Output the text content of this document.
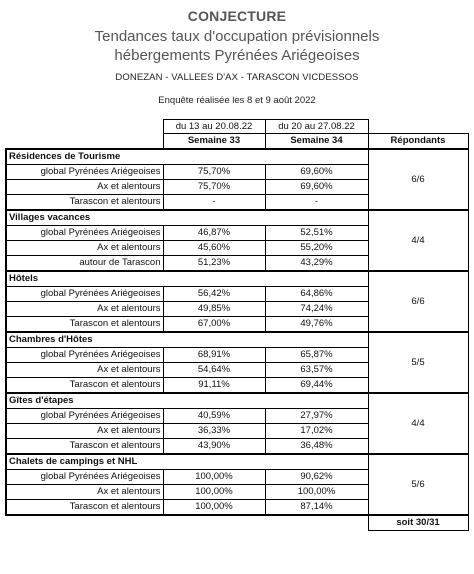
CONJECTURE
Tendances taux d'occupation prévisionnels
hébergements Pyrénées Ariégeoises
DONEZAN - VALLEES D'AX - TARASCON VICDESSOS
Enquête réalisée les 8 et 9 août 2022
	du 13 au 20.08.22	du 20 au 27.08.22	
	Semaine 33	Semaine 34	Répondants
Résidences de Tourisme			6/6
global Pyrénées Ariégeoises	75,70%	69,60%	
Ax et alentours	75,70%	69,60%	
Tarascon et alentours	-	-	
Villages vacances			4/4
global Pyrénées Ariégeoises	46,87%	52,51%	
Ax et alentours	45,60%	55,20%	
autour de Tarascon	51,23%	43,29%	
Hôtels			6/6
global Pyrénées Ariégeoises	56,42%	64,86%	
Ax et alentours	49,85%	74,24%	
Tarascon et alentours	67,00%	49,76%	
Chambres d'Hôtes			5/5
global Pyrénées Ariégeoises	68,91%	65,87%	
Ax et alentours	54,64%	63,57%	
Tarascon et alentours	91,11%	69,44%	
Gîtes d'étapes			4/4
global Pyrénées Ariégeoises	40,59%	27,97%	
Ax et alentours	36,33%	17,02%	
Tarascon et alentours	43,90%	36,48%	
Chalets de campings et NHL			5/6
global Pyrénées Ariégeoises	100,00%	90,62%	
Ax et alentours	100,00%	100,00%	
Tarascon et alentours	100,00%	87,14%	
			soit 30/31
